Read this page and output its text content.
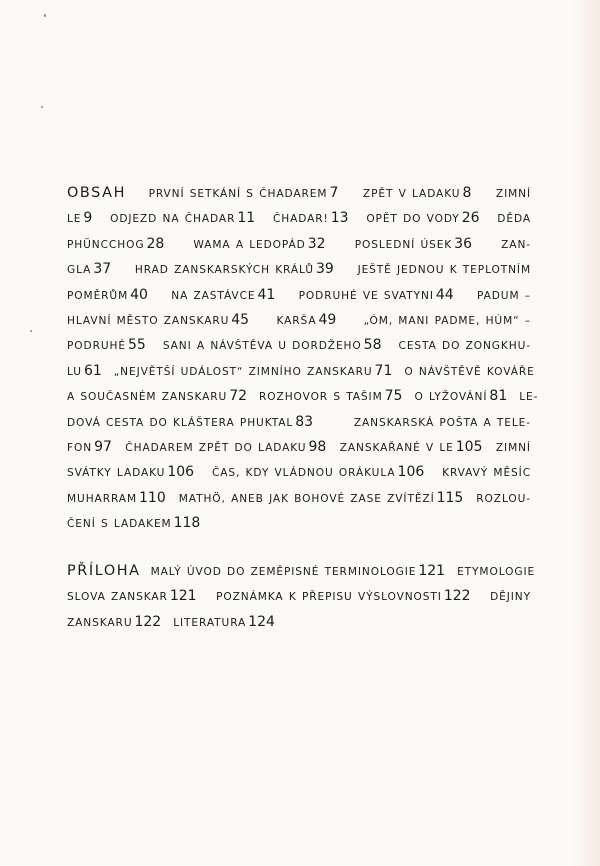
OBSAH PRVNÍ SETKÁNÍ S ČHADAREM 7	ZPĚT V LADAKU 8	ZIMNÍ
LE 9	ODJEZD NA ČHADAR 11	ČHADAR! 13	OPĚT DO VODY 26	DĚDA
PHÜNCCHOG 28	WAMA A LEDOPÁD 32	POSLEDNÍ ÚSEK 36	ZAN-
GLA 37	HRAD ZANSKARSKÝCH KRÁLŮ 39	JEŠTĚ JEDNOU K TEPLOTNÍM
POMĚRŮM 40	NA ZASTÁVCE 41	PODRUHÉ VE SVATYNI 44	PADUM –
HLAVNÍ MĚSTO ZANSKARU 45	KARŠA 49	„ÓM, MANI PADME, HÚM“ –
PODRUHÉ 55	SANI A NÁVŠTĚVA U DORDŽEHO 58	CESTA DO ZONGKHU-
LU 61	„NEJVĚTŠÍ UDÁLOST“ ZIMNÍHO ZANSKARU 71	O NÁVŠTĚVĚ KOVÁŘE
A SOUČASNÉM ZANSKARU 72	ROZHOVOR S TAŠIM 75	O LYŽOVÁNÍ 81	LE-
DOVÁ CESTA DO KLÁŠTERA PHUKTAL 83	ZANSKARSKÁ POŠTA A TELE-
FON 97	ČHADAREM ZPĚT DO LADAKU 98	ZANSKAŘANÉ V LE 105	ZIMNÍ
SVÁTKY LADAKU 106	ČAS, KDY VLÁDNOU ORÁKULA 106	KRVAVÝ MĚSÍC
MUHARRAM 110	MATHÖ, ANEB JAK BOHOVÉ ZASE ZVÍTĚZÍ 115	ROZLOU-
ČENÍ S LADAKEM 118
PŘÍLOHA MALÝ ÚVOD DO ZEMĚPISNÉ TERMINOLOGIE 121	ETYMOLOGIE
SLOVA ZANSKAR 121	POZNÁMKA K PŘEPISU VÝSLOVNOSTI 122	DĚJINY
ZANSKARU 122 LITERATURA 124
